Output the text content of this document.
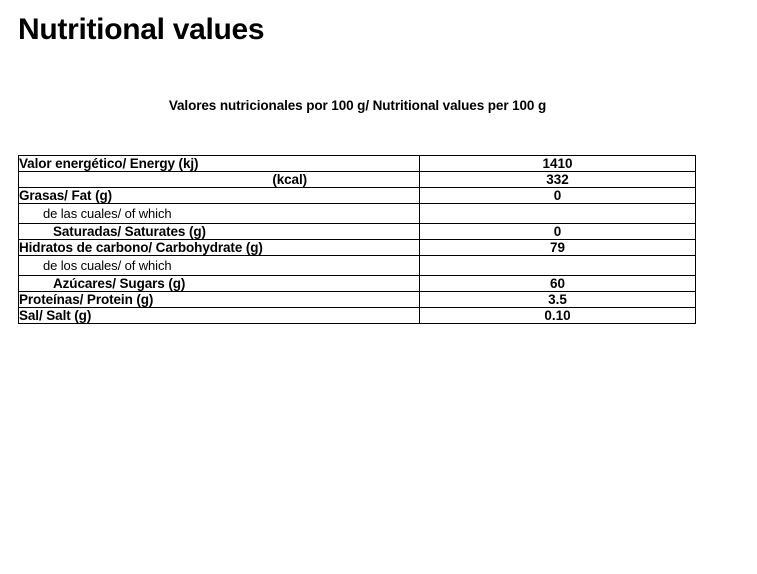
Nutritional values
Valores nutricionales por 100 g/ Nutritional values per 100 g
Valor energético/ Energy (kj)	1410
(kcal)	332
Grasas/ Fat (g)	0
de las cuales/ of which	
Saturadas/ Saturates (g)	0
Hidratos de carbono/ Carbohydrate (g)	79
de los cuales/ of which	
Azúcares/ Sugars (g)	60
Proteínas/ Protein (g)	3.5
Sal/ Salt (g)	0.10
